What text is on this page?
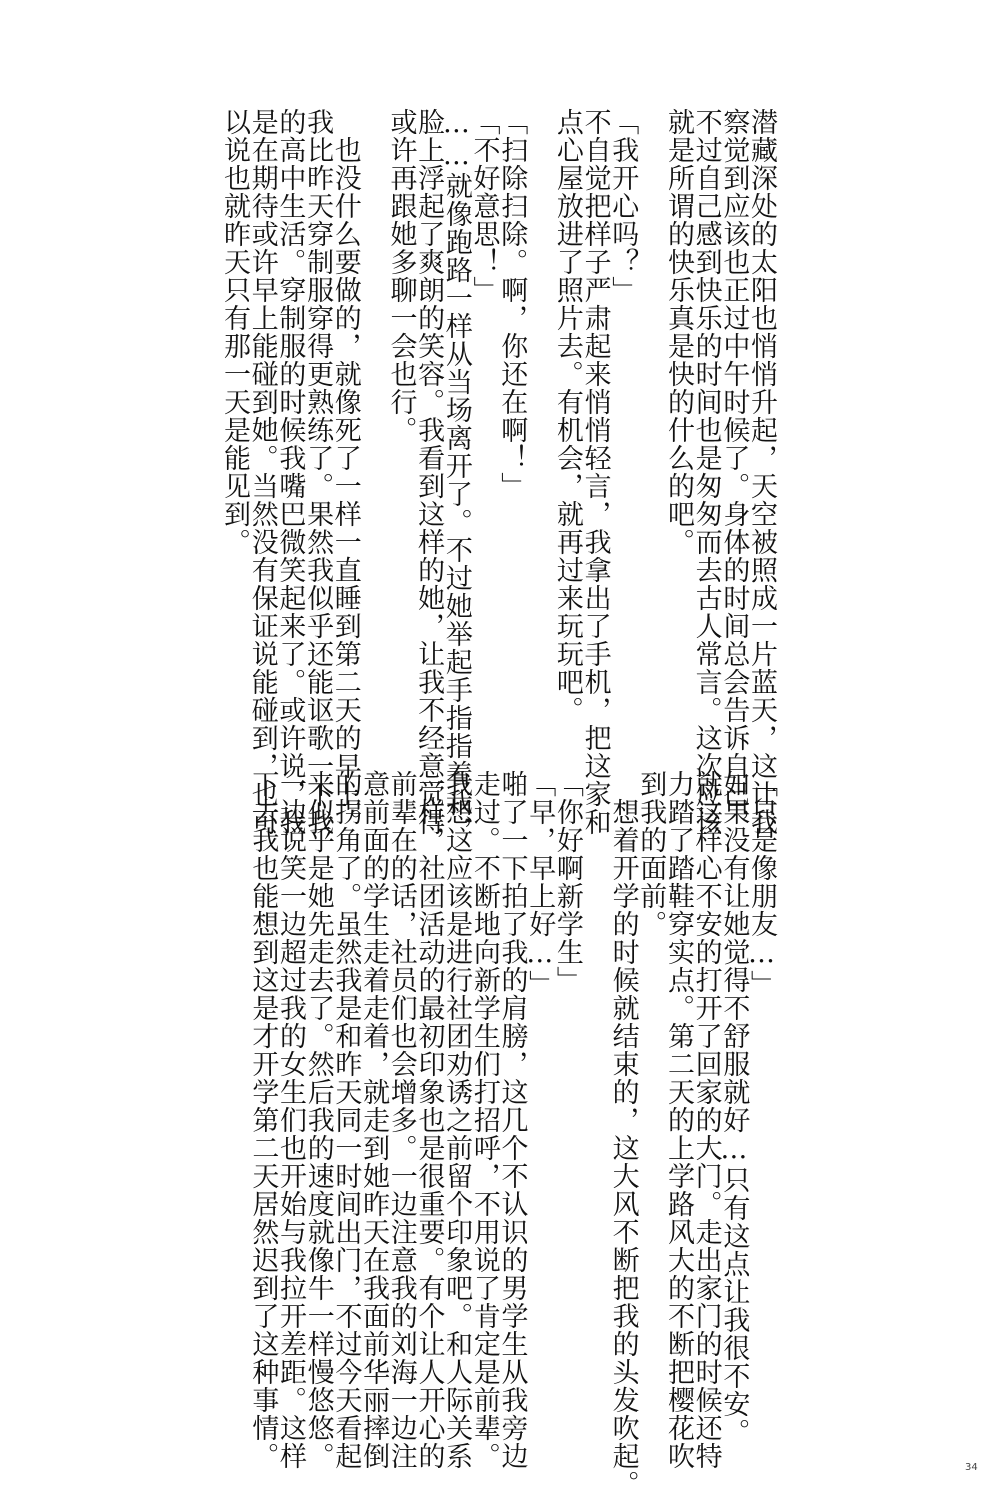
潜藏深处的太阳也悄悄升起，天空被照成一片蓝天，这让我
察觉到应该也正过中午时候了。身体的时间总会告诉自己，
不过自己感到快乐的时间也是匆匆而去古人常言。这次应该
就是所谓的快乐真是快的什么的吧。
「我开心吗？」
不自觉把样子严肃起来悄悄轻言，我拿出了手机，把这家和
点心屋放进了照片去。有机会，就再过来玩玩吧。
「扫除扫除。啊，你还在啊！」
「不好意思！」
……就像跑路一样从当场离开了。不过她举起手指指着我，
脸上浮起了爽朗的笑容。我看到这样的她，让我不经意觉得
或许再跟她多聊一会也行。
　也没什么要做的，就像死了一样一直睡到第二天的早上。
我比昨天穿制服穿得更熟练了。果然我似乎还能讴歌一下我
的高中生活。穿制服的时候我嘴巴微笑起来了。或许说，我
是在期待或许早上能碰到她。当然没有保证说能碰到，也可
以说也就昨天只有那一天是能见到。
「只是像朋友…」
如果没有让她觉得不舒服就好…只有这点让我很不安。
就这样心不安的打开了回家的大门。走出家门的时候还特
力踏了踏鞋穿实点。第二天的上学路风大的不断把樱花吹
到我的面前。
　想着开学的时候就结束的，这大风不断把我的头发吹起。
「你好啊新学生」
「早，早上好…」
啪了一下拍了我的肩膀，这几个不认识的男学生从我旁边
走过。不断地向新学生们打招呼，不用说了肯定是前辈。
我想这应该是进行社团劝诱之前留个印象吧。和人际关系
一样，社团活动的最初印象也是很重要。有个让人开心的
前辈在的话，社员们也会增多。一边注意我的刘海一边注
意前面的学生走着走着，就走到她昨天在我面前华丽摔倒
的拐角了。虽然我是和昨天同一时间出门，不过今天看起
来似乎是她先走去了。然后我的速度就像牛一样慢悠悠。
一边说笑一边超过我的女生们也开始与我拉开差距。这样
下去我也能想到这是才开学第二天居然迟到了这种事情。	34
